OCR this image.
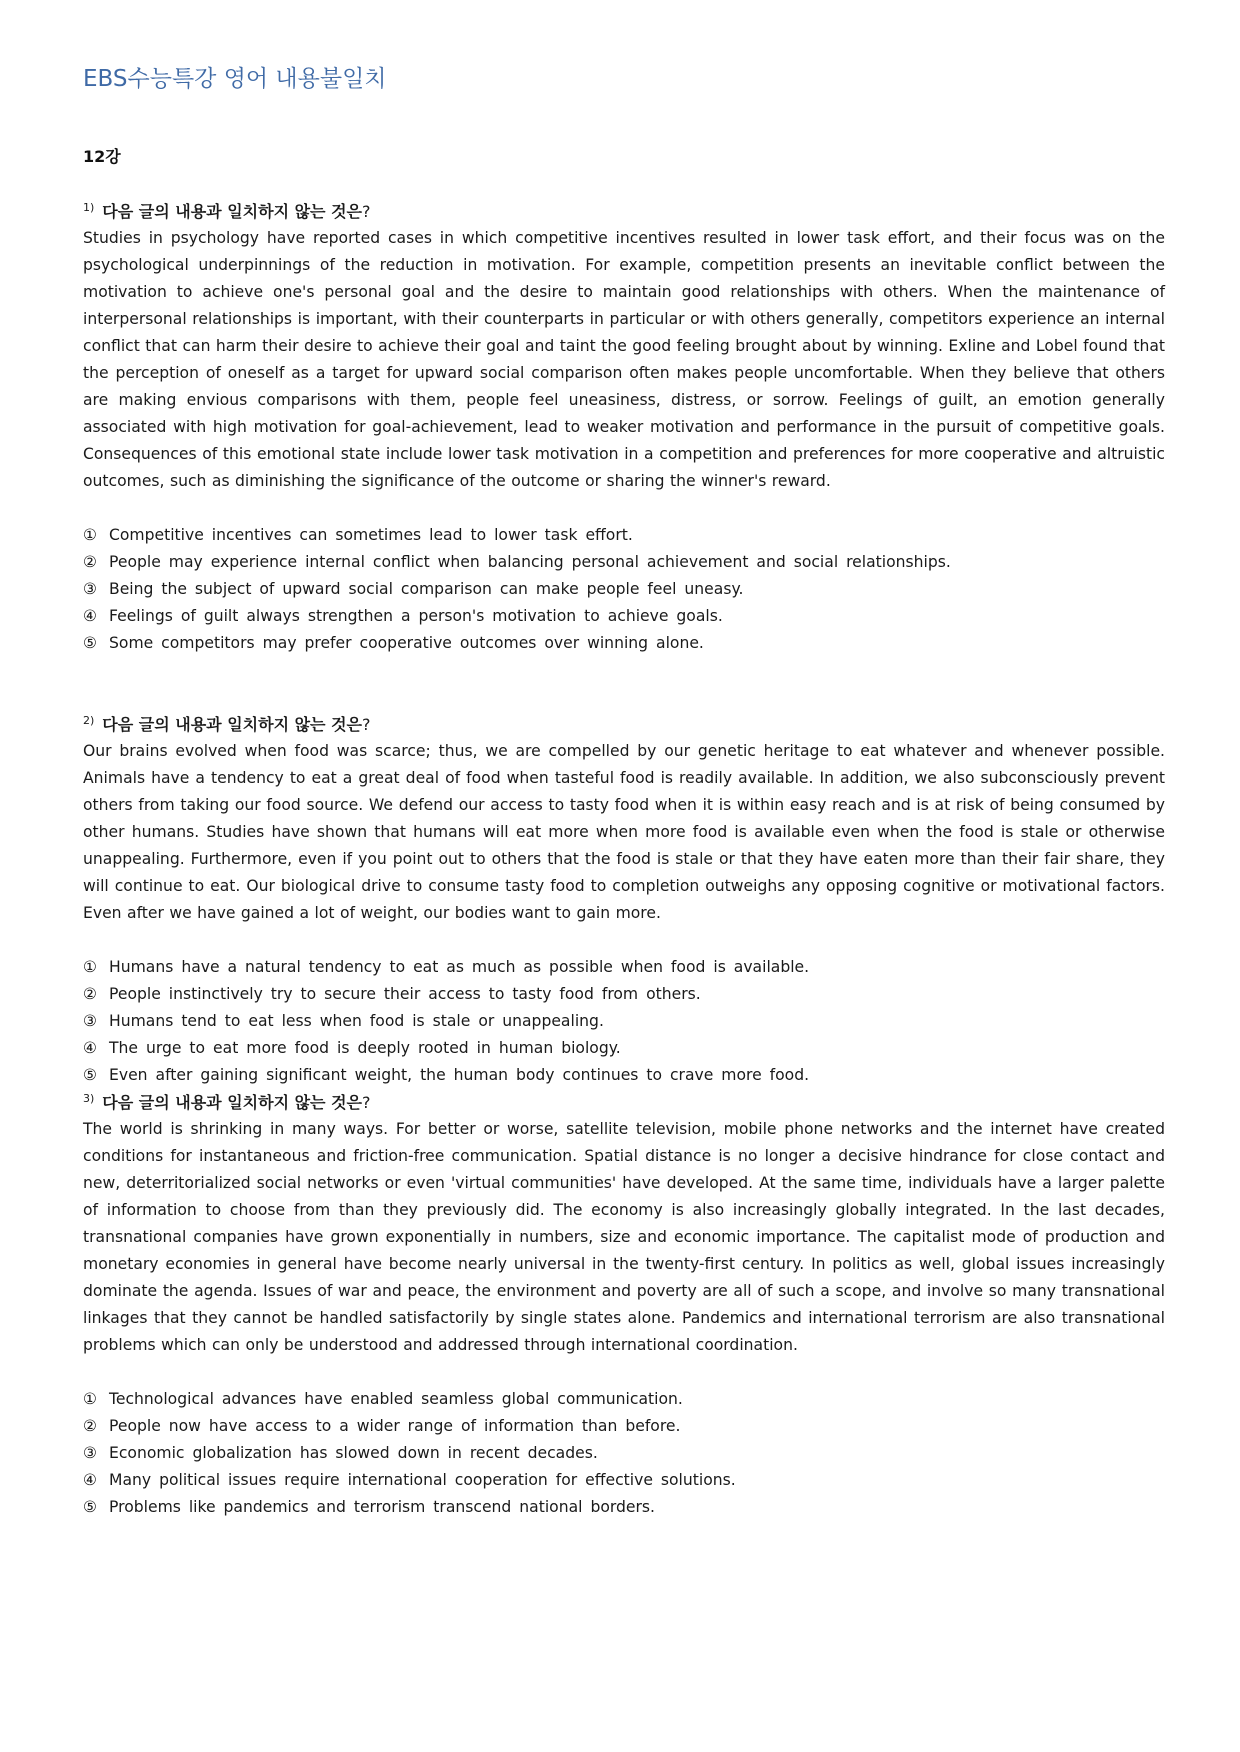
EBS수능특강 영어 내용불일치
12강
$^{1)}$ 다음 글의 내용과 일치하지 않는 것은?

Studies in psychology have reported cases in which competitive incentives resulted in lower task effort, and their focus was on the psychological underpinnings of the reduction in motivation. For example, competition presents an inevitable conflict between the motivation to achieve one's personal goal and the desire to maintain good relationships with others. When the maintenance of interpersonal relationships is important, with their counterparts in particular or with others generally, competitors experience an internal conflict that can harm their desire to achieve their goal and taint the good feeling brought about by winning. Exline and Lobel found that the perception of oneself as a target for upward social comparison often makes people uncomfortable. When they believe that others are making envious comparisons with them, people feel uneasiness, distress, or sorrow. Feelings of guilt, an emotion generally associated with high motivation for goal-achievement, lead to weaker motivation and performance in the pursuit of competitive goals. Consequences of this emotional state include lower task motivation in a competition and preferences for more cooperative and altruistic outcomes, such as diminishing the significance of the outcome or sharing the winner's reward.

① Competitive incentives can sometimes lead to lower task effort.
② People may experience internal conflict when balancing personal achievement and social relationships.
③ Being the subject of upward social comparison can make people feel uneasy.
④ Feelings of guilt always strengthen a person's motivation to achieve goals.
⑤ Some competitors may prefer cooperative outcomes over winning alone.
$^{2)}$ 다음 글의 내용과 일치하지 않는 것은?

Our brains evolved when food was scarce; thus, we are compelled by our genetic heritage to eat whatever and whenever possible. Animals have a tendency to eat a great deal of food when tasteful food is readily available. In addition, we also subconsciously prevent others from taking our food source. We defend our access to tasty food when it is within easy reach and is at risk of being consumed by other humans. Studies have shown that humans will eat more when more food is available even when the food is stale or otherwise unappealing. Furthermore, even if you point out to others that the food is stale or that they have eaten more than their fair share, they will continue to eat. Our biological drive to consume tasty food to completion outweighs any opposing cognitive or motivational factors. Even after we have gained a lot of weight, our bodies want to gain more.

① Humans have a natural tendency to eat as much as possible when food is available.
② People instinctively try to secure their access to tasty food from others.
③ Humans tend to eat less when food is stale or unappealing.
④ The urge to eat more food is deeply rooted in human biology.
⑤ Even after gaining significant weight, the human body continues to crave more food.
$^{3)}$ 다음 글의 내용과 일치하지 않는 것은?

The world is shrinking in many ways. For better or worse, satellite television, mobile phone networks and the internet have created conditions for instantaneous and friction-free communication. Spatial distance is no longer a decisive hindrance for close contact and new, deterritorialized social networks or even 'virtual communities' have developed. At the same time, individuals have a larger palette of information to choose from than they previously did. The economy is also increasingly globally integrated. In the last decades, transnational companies have grown exponentially in numbers, size and economic importance. The capitalist mode of production and monetary economies in general have become nearly universal in the twenty-first century. In politics as well, global issues increasingly dominate the agenda. Issues of war and peace, the environment and poverty are all of such a scope, and involve so many transnational linkages that they cannot be handled satisfactorily by single states alone. Pandemics and international terrorism are also transnational problems which can only be understood and addressed through international coordination.

① Technological advances have enabled seamless global communication.
② People now have access to a wider range of information than before.
③ Economic globalization has slowed down in recent decades.
④ Many political issues require international cooperation for effective solutions.
⑤ Problems like pandemics and terrorism transcend national borders.
